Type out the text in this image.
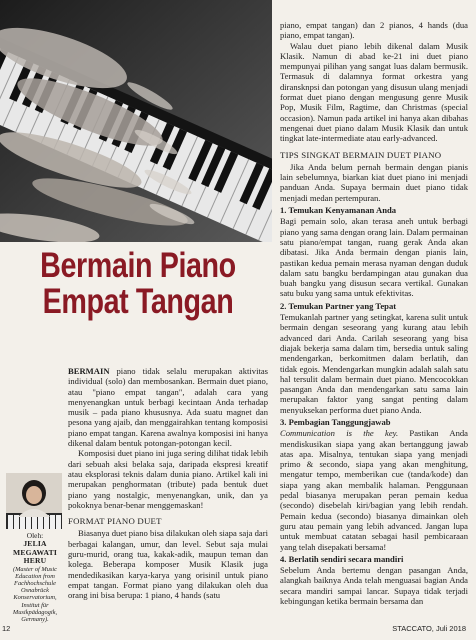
Bermain Piano
Empat Tangan

piano, empat tangan) dan 2 pianos, 4 hands (dua piano, empat tangan).

Walau duet piano lebih dikenal dalam Musik Klasik. Namun di abad ke-21 ini duet piano mempunyai pilihan yang sangat luas dalam bermusik. Termasuk di dalamnya format orkestra yang diransknpsi dan potongan yang disusun ulang menjadi format duet piano dengan mengusung genre Musik Pop, Musik Film, Ragtime, dan Christmas (special occasion). Namun pada artikel ini hanya akan dibahas mengenai duet piano dalam Musik Klasik dan untuk tingkat late-intermediate atau early-advanced.

TIPS SINGKAT BERMAIN DUET PIANO

Jika Anda belum pernah bermain dengan pianis lain sebelumnya, biarkan kiat duet piano ini menjadi panduan Anda. Supaya bermain duet piano tidak menjadi medan pertempuran.

1. Temukan Kenyamanan Anda

Bagi pemain solo, akan terasa aneh untuk berbagi piano yang sama dengan orang lain. Dalam permainan satu piano/empat tangan, ruang gerak Anda akan dibatasi. Jika Anda bermain dengan pianis lain, pastikan kedua pemain merasa nyaman dengan duduk dalam satu bangku berdampingan atau gunakan dua buah bangku yang disusun secara vertikal. Gunakan satu buku yang sama untuk efektivitas.

2. Temukan Partner yang Tepat

Temukanlah partner yang setingkat, karena sulit untuk bermain dengan seseorang yang kurang atau lebih advanced dari Anda. Carilah seseorang yang bisa diajak bekerja sama dalam tim, bersedia untuk saling mendengarkan, berkomitmen dalam berlatih, dan tidak egois. Mendengarkan mungkin adalah salah satu hal tersulit dalam bermain duet piano. Mencocokkan pasangan Anda dan mendengarkan satu sama lain merupakan faktor yang sangat penting dalam menyuksekan performa duet piano Anda.

3. Pembagian Tanggungjawab

Communication is the key. Pastikan Anda mendiskusikan siapa yang akan bertanggung jawab atas apa. Misalnya, tentukan siapa yang menjadi primo & secondo, siapa yang akan menghitung, mengatur tempo, memberikan cue (tanda/kode) dan siapa yang akan membalik halaman. Penggunaan pedal biasanya merupakan peran pemain kedua (secondo) disebelah kiri/bagian yang lebih rendah. Pemain kedua (secondo) biasanya dimainkan oleh guru atau pemain yang lebih advanced. Jangan lupa untuk membuat catatan sebagai hasil pembicaraan yang telah disepakati bersama!

4. Berlatih sendiri secara mandiri

Sebelum Anda bertemu dengan pasangan Anda, alangkah baiknya Anda telah menguasai bagian Anda secara mandiri sampai lancar. Supaya tidak terjadi kebingungan ketika bermain bersama dan

BERMAIN piano tidak selalu merupakan aktivitas individual (solo) dan membosankan. Bermain duet piano, atau "piano empat tangan", adalah cara yang menyenangkan untuk berbagi kecintaan Anda terhadap musik – pada piano khususnya. Ada suatu magnet dan pesona yang ajaib, dan menggairahkan tentang komposisi piano empat tangan. Karena awalnya komposisi ini hanya dikenal dalam bentuk potongan-potongan kecil.

Komposisi duet piano ini juga sering dilihat tidak lebih dari sebuah aksi belaka saja, daripada ekspresi kreatif atau eksplorasi teknis dalam dunia piano. Artikel kali ini merupakan penghormatan (tribute) pada bentuk duet piano yang nostalgic, menyenangkan, unik, dan ya pokoknya benar-benar menggemaskan!

FORMAT PIANO DUET

Biasanya duet piano bisa dilakukan oleh siapa saja dari berbagai kalangan, umur, dan level. Sebut saja mulai guru-murid, orang tua, kakak-adik, maupun teman dan kolega. Beberapa komposer Musik Klasik juga mendedikasikan karya-karya yang orisinil untuk piano empat tangan. Format piano yang dilakukan oleh dua orang ini bisa berupa: 1 piano, 4 hands (satu

Oleh:
JELIA
MEGAWATI HERU
(Master of Music Education from Fachhochschule Osnabrück Konservatorium, Institut für Musikpädagogik, Germany).
12	STACCATO, Juli 2018
